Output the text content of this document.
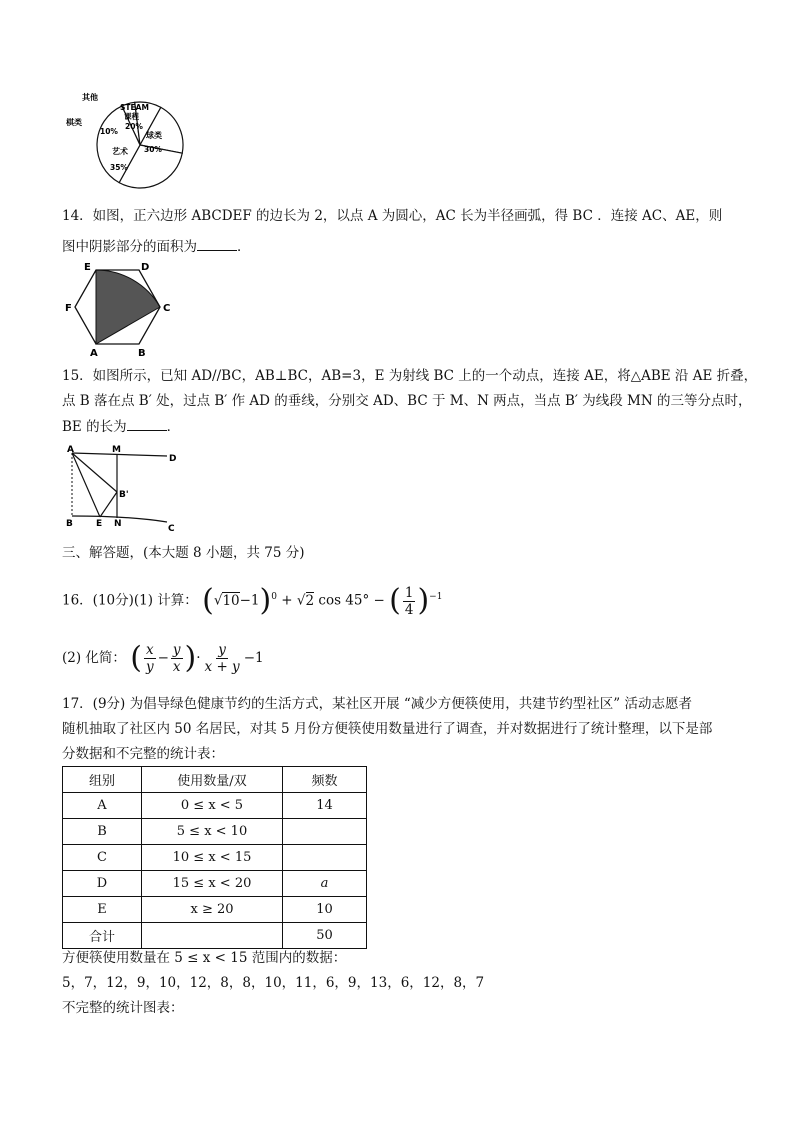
其他
棋类
10%
STEAM
课程
20%
球类
30%
艺术
35%
14．如图，正六边形 ABCDEF 的边长为 2，以点 A 为圆心，AC 长为半径画弧，得 BC ．连接 AC、AE，则
图中阴影部分的面积为	．
E	D
F	C
A	B
15．如图所示，已知 AD//BC，AB⊥BC，AB=3，E 为射线 BC 上的一个动点，连接 AE，将△ABE 沿 AE 折叠，
点 B 落在点 B′ 处，过点 B′ 作 AD 的垂线，分别交 AD、BC 于 M、N 两点，当点 B′ 为线段 MN 的三等分点时，
BE 的长为	．
A	M
D
B'
B	E N	C
三、解答题，(本大题 8 小题，共 75 分)
16．(10分)(1) 计算： $(√10-1)^0 + √2$ cos 45° − ( $\frac{1}{4} )^{-1}$
(2) 化简： ( $\frac{x}{y} - \frac{y}{x}$ )· $\frac{y}{x + y} -1$
17．(9分) 为倡导绿色健康节约的生活方式，某社区开展 “减少方便筷使用，共建节约型社区” 活动志愿者
随机抽取了社区内 50 名居民，对其 5 月份方便筷使用数量进行了调查，并对数据进行了统计整理，以下是部
分数据和不完整的统计表：
组别	使用数量/双	频数
A	0 ≤ x < 5	14
B	5 ≤ x < 10	
C	10 ≤ x < 15	
D	15 ≤ x < 20	a
E	x ≥ 20	10
合计		50
方便筷使用数量在 5 ≤ x < 15 范围内的数据：
5，7，12，9，10，12，8，8，10，11，6，9，13，6，12，8，7
不完整的统计图表：
